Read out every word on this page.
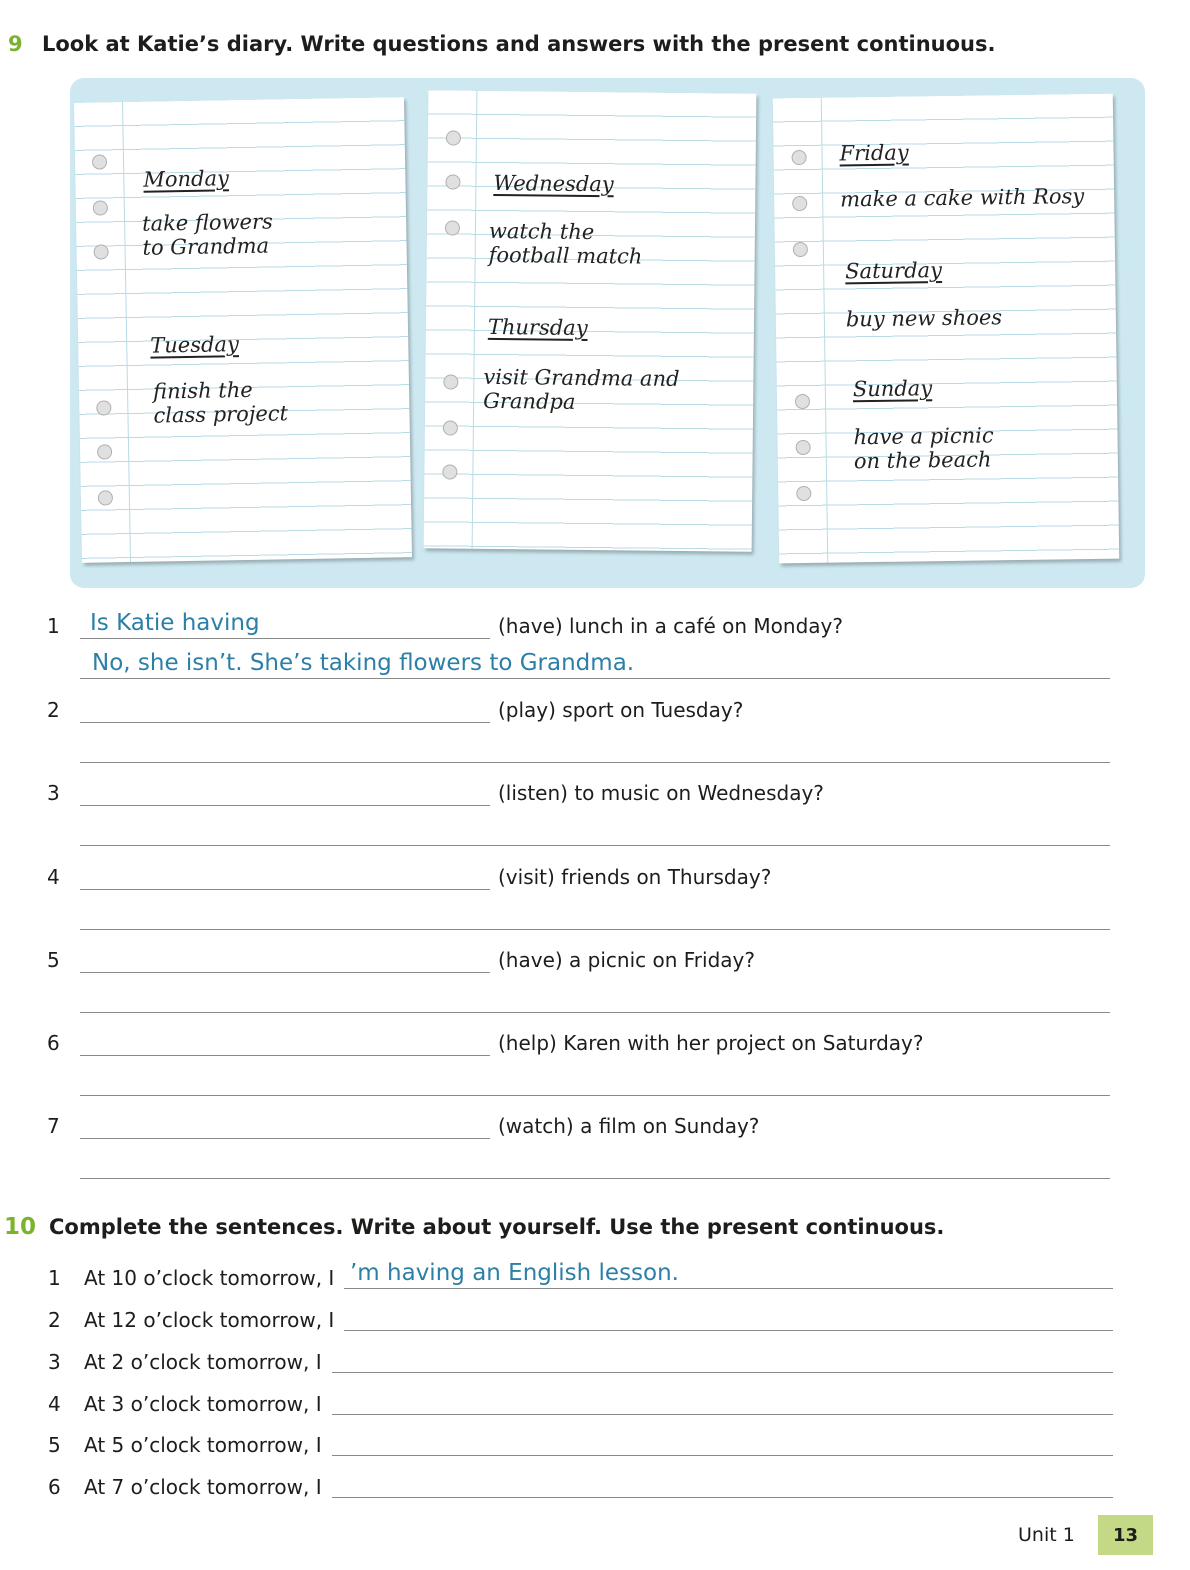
9 Look at Katie’s diary. Write questions and answers with the present continuous.
Monday
take flowers
to Grandma
Tuesday
finish the
class project
Wednesday
watch the
football match
Thursday
visit Grandma and
Grandpa
Friday
make a cake with Rosy
Saturday
buy new shoes
Sunday
have a picnic
on the beach
1 Is Katie having	(have) lunch in a café on Monday?
No, she isn’t. She’s taking flowers to Grandma.
2	(play) sport on Tuesday?
3	(listen) to music on Wednesday?
4	(visit) friends on Thursday?
5	(have) a picnic on Friday?
6	(help) Karen with her project on Saturday?
7	(watch) a film on Sunday?
10 Complete the sentences. Write about yourself. Use the present continuous.
1 At 10 o’clock tomorrow, I ’m having an English lesson.
2 At 12 o’clock tomorrow, I
3 At 2 o’clock tomorrow, I
4 At 3 o’clock tomorrow, I
5 At 5 o’clock tomorrow, I
6 At 7 o’clock tomorrow, I
Unit 1	13
